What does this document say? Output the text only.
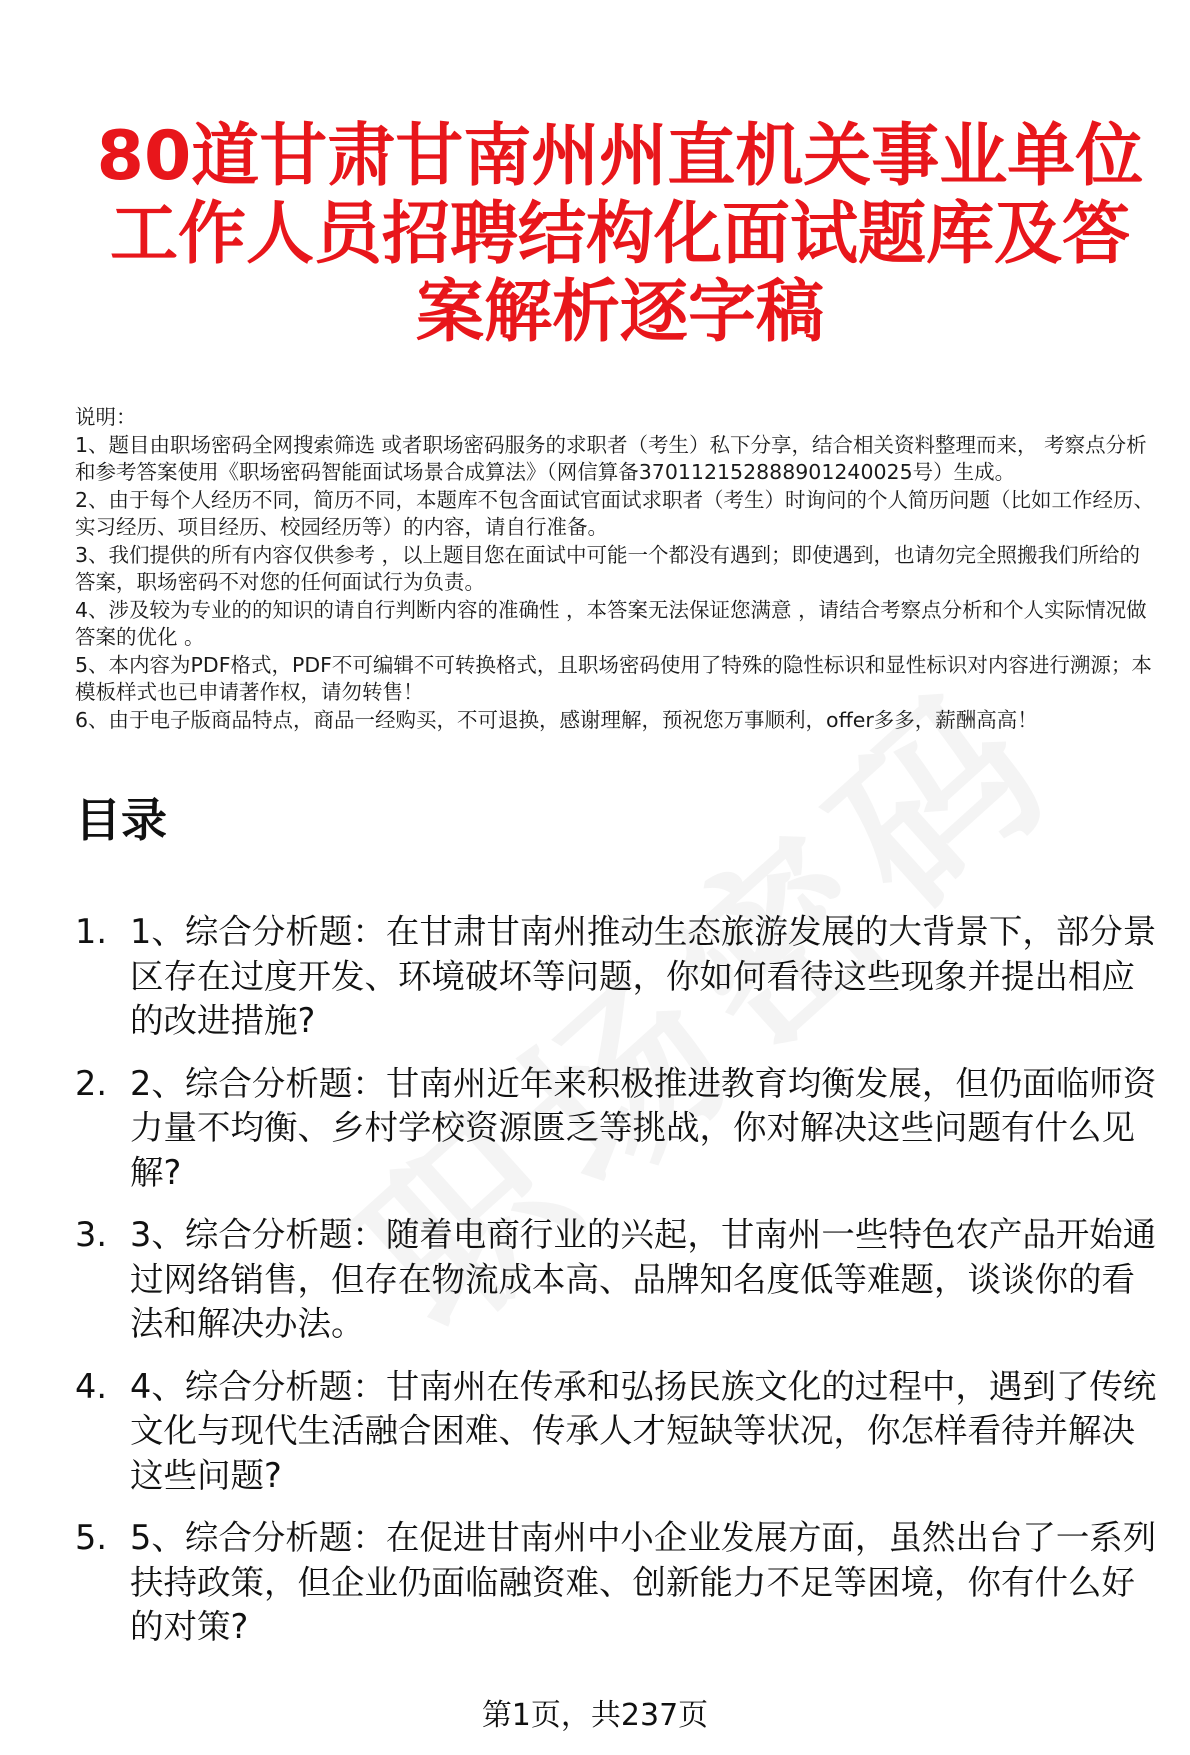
80道甘肃甘南州州直机关事业单位工作人员招聘结构化面试题库及答案解析逐字稿
说明：
1、题目由职场密码全网搜索筛选 或者职场密码服务的求职者（考生）私下分享，结合相关资料整理而来， 考察点分析和参考答案使用《职场密码智能面试场景合成算法》（网信算备370112152888901240025号）生成。
2、由于每个人经历不同，简历不同，本题库不包含面试官面试求职者（考生）时询问的个人简历问题（比如工作经历、实习经历、项目经历、校园经历等）的内容，请自行准备。
3、我们提供的所有内容仅供参考 ，以上题目您在面试中可能一个都没有遇到；即使遇到，也请勿完全照搬我们所给的答案，职场密码不对您的任何面试行为负责。
4、涉及较为专业的的知识的请自行判断内容的准确性 ，本答案无法保证您满意 ，请结合考察点分析和个人实际情况做答案的优化 。
5、本内容为PDF格式，PDF不可编辑不可转换格式，且职场密码使用了特殊的隐性标识和显性标识对内容进行溯源；本模板样式也已申请著作权，请勿转售！
6、由于电子版商品特点，商品一经购买，不可退换，感谢理解，预祝您万事顺利，offer多多，薪酬高高！
目录
1. 1、综合分析题：在甘肃甘南州推动生态旅游发展的大背景下，部分景区存在过度开发、环境破坏等问题，你如何看待这些现象并提出相应的改进措施?
2. 2、综合分析题：甘南州近年来积极推进教育均衡发展，但仍面临师资力量不均衡、乡村学校资源匮乏等挑战，你对解决这些问题有什么见解?
3. 3、综合分析题：随着电商行业的兴起，甘南州一些特色农产品开始通过网络销售，但存在物流成本高、品牌知名度低等难题，谈谈你的看法和解决办法。
4. 4、综合分析题：甘南州在传承和弘扬民族文化的过程中，遇到了传统文化与现代生活融合困难、传承人才短缺等状况，你怎样看待并解决这些问题?
5. 5、综合分析题：在促进甘南州中小企业发展方面，虽然出台了一系列扶持政策，但企业仍面临融资难、创新能力不足等困境，你有什么好的对策?
第1页，共237页
